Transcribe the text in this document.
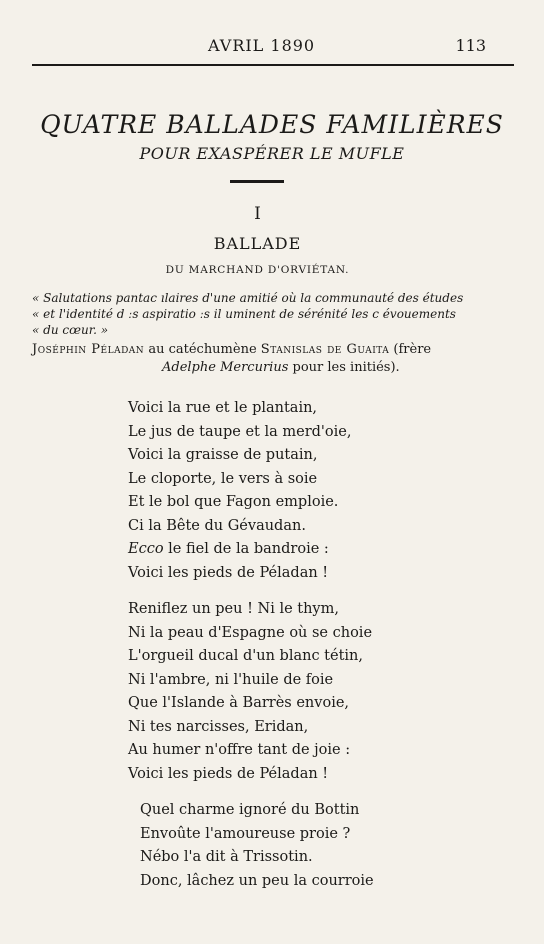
AVRIL 1890	113
QUATRE BALLADES FAMILIÈRES
POUR EXASPÉRER LE MUFLE
I
BALLADE
DU MARCHAND D'ORVIÉTAN.
« Salutations pantac ılaires d'une amitié où la communauté des études
« et l'identité d ːs aspiratio ːs il uminent de sérénité les c évouements
« du cœur. »
Joséphin Péladan au catéchumène Stanislas de Guaita (frère
Adelphe Mercurius pour les initiés).
Voici la rue et le plantain,
Le jus de taupe et la merd'oie,
Voici la graisse de putain,
Le cloporte, le vers à soie
Et le bol que Fagon emploie.
Ci la Bête du Gévaudan.
Ecco le fiel de la bandroie :
Voici les pieds de Péladan !
Reniflez un peu ! Ni le thym,
Ni la peau d'Espagne où se choie
L'orgueil ducal d'un blanc tétin,
Ni l'ambre, ni l'huile de foie
Que l'Islande à Barrès envoie,
Ni tes narcisses, Eridan,
Au humer n'offre tant de joie :
Voici les pieds de Péladan !
Quel charme ignoré du Bottin
Envoûte l'amoureuse proie ?
Nébo l'a dit à Trissotin.
Donc, lâchez un peu la courroie
